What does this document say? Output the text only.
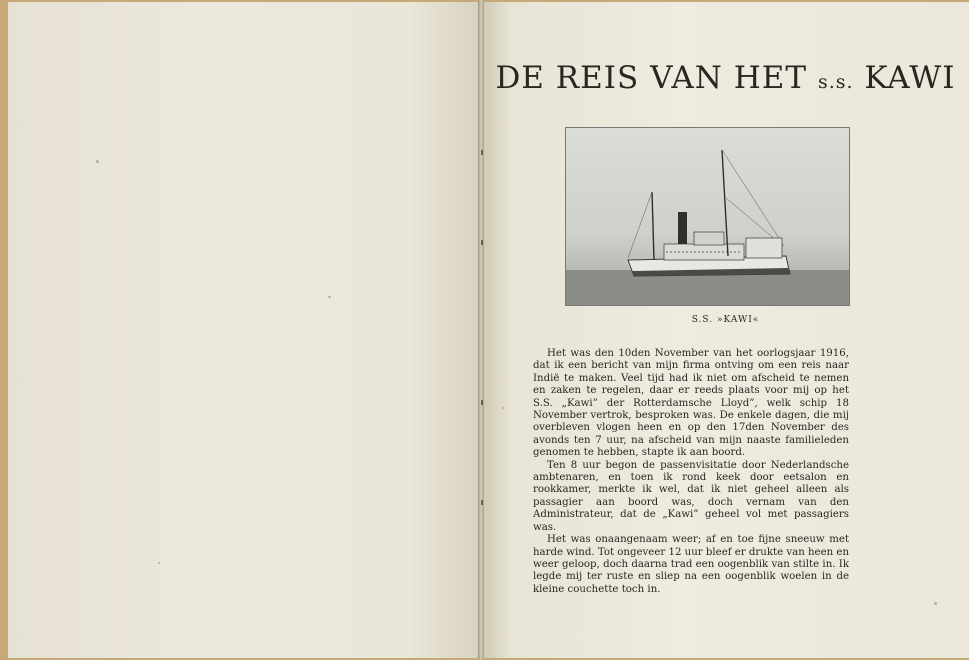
DE REIS VAN HET s.s. KAWI
S.S. »KAWI«

Het was den 10den November van het oorlogsjaar 1916, dat ik een bericht van mijn firma ontving om een reis naar Indië te maken. Veel tijd had ik niet om afscheid te nemen en zaken te regelen, daar er reeds plaats voor mij op het S.S. „Kawi” der Rotterdamsche Lloyd”, welk schip 18 November vertrok, besproken was. De enkele dagen, die mij overbleven vlogen heen en op den 17den November des avonds ten 7 uur, na afscheid van mijn naaste familieleden genomen te hebben, stapte ik aan boord.

Ten 8 uur begon de passenvisitatie door Nederlandsche ambtenaren, en toen ik rond keek door eetsalon en rookkamer, merkte ik wel, dat ik niet geheel alleen als passagier aan boord was, doch vernam van den Administrateur, dat de „Kawi” geheel vol met passagiers was.

Het was onaangenaam weer; af en toe fijne sneeuw met harde wind. Tot ongeveer 12 uur bleef er drukte van heen en weer geloop, doch daarna trad een oogenblik van stilte in. Ik legde mij ter ruste en sliep na een oogenblik woelen in de kleine couchette toch in.
